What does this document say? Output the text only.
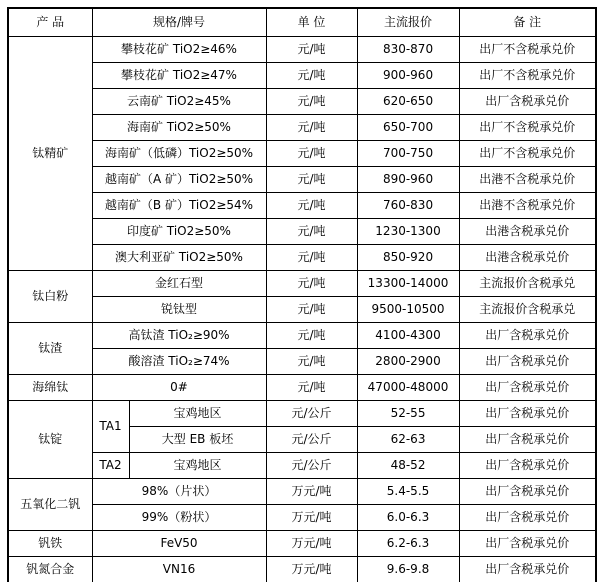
产 品	规格/牌号		单 位	主流报价	备 注
钛精矿	攀枝花矿 TiO2≥46%		元/吨	830-870	出厂不含税承兑价
	攀枝花矿 TiO2≥47%		元/吨	900-960	出厂不含税承兑价
	云南矿 TiO2≥45%		元/吨	620-650	出厂含税承兑价
	海南矿 TiO2≥50%		元/吨	650-700	出厂不含税承兑价
	海南矿（低磷）TiO2≥50%		元/吨	700-750	出厂不含税承兑价
	越南矿（A 矿）TiO2≥50%		元/吨	890-960	出港不含税承兑价
	越南矿（B 矿）TiO2≥54%		元/吨	760-830	出港不含税承兑价
	印度矿 TiO2≥50%		元/吨	1230-1300	出港含税承兑价
	澳大利亚矿 TiO2≥50%		元/吨	850-920	出港含税承兑价
钛白粉	金红石型		元/吨	13300-14000	主流报价含税承兑
	锐钛型		元/吨	9500-10500	主流报价含税承兑
钛渣	高钛渣 TiO₂≥90%		元/吨	4100-4300	出厂含税承兑价
	酸溶渣 TiO₂≥74%		元/吨	2800-2900	出厂含税承兑价
海绵钛	0#		元/吨	47000-48000	出厂含税承兑价
钛锭	TA1	宝鸡地区	元/公斤	52-55	出厂含税承兑价
		大型 EB 板坯	元/公斤	62-63	出厂含税承兑价
	TA2	宝鸡地区	元/公斤	48-52	出厂含税承兑价
五氧化二钒	98%（片状）		万元/吨	5.4-5.5	出厂含税承兑价
	99%（粉状）		万元/吨	6.0-6.3	出厂含税承兑价
钒铁	FeV50		万元/吨	6.2-6.3	出厂含税承兑价
钒氮合金	VN16		万元/吨	9.6-9.8	出厂含税承兑价
